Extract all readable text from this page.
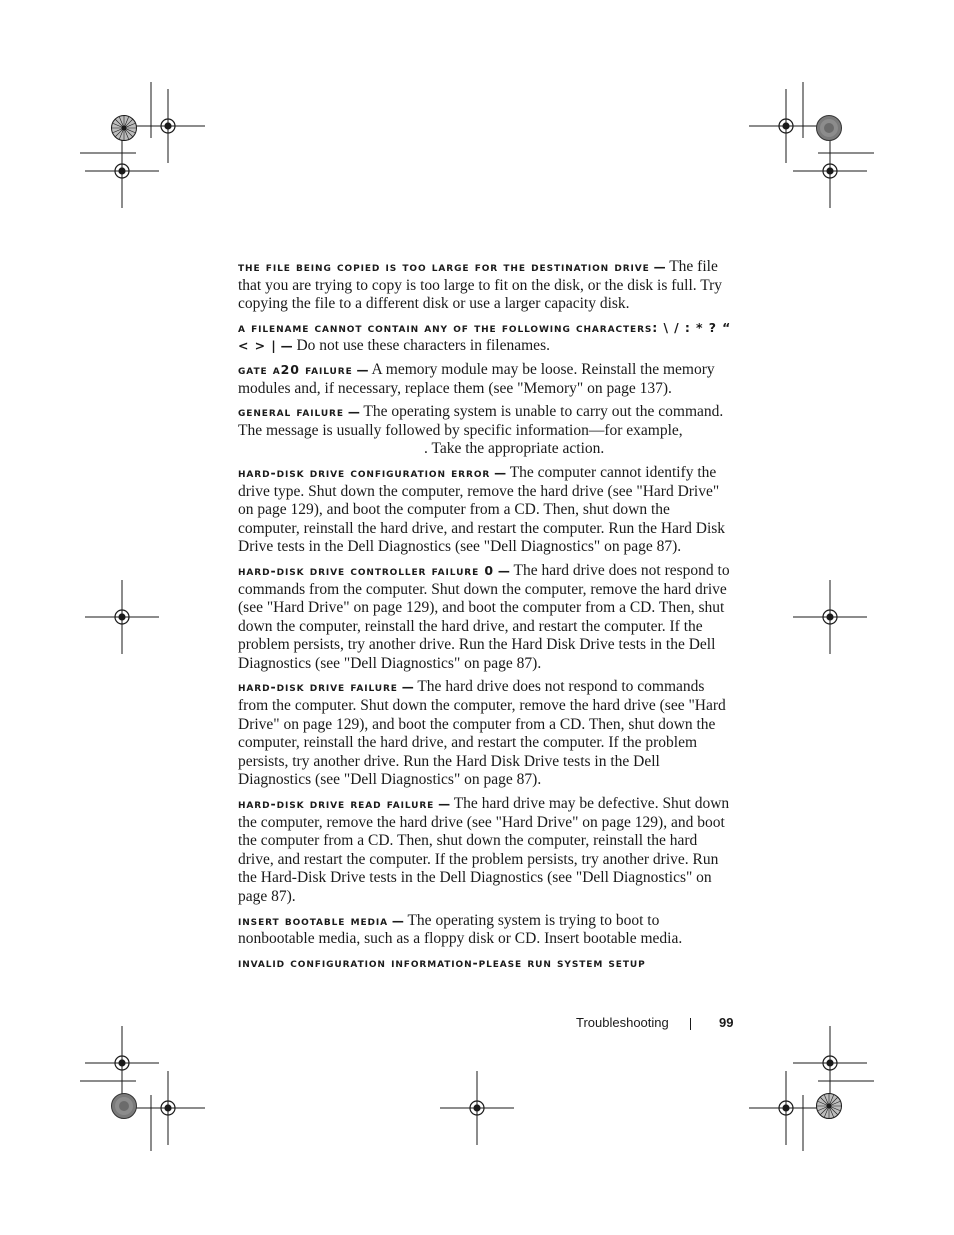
the file being copied is too large for the destination drive — The file that you are trying to copy is too large to fit on the disk, or the disk is full. Try copying the file to a different disk or use a larger capacity disk.

a filename cannot contain any of the following characters: \ / : * ? “ < > | — Do not use these characters in filenames.

gate a20 failure — A memory module may be loose. Reinstall the memory modules and, if necessary, replace them (see "Memory" on page 137).

general failure — The operating system is unable to carry out the command. The message is usually followed by specific information—for example,. Take the appropriate action.

hard-disk drive configuration error — The computer cannot identify the drive type. Shut down the computer, remove the hard drive (see "Hard Drive" on page 129), and boot the computer from a CD. Then, shut down the computer, reinstall the hard drive, and restart the computer. Run the Hard Disk Drive tests in the Dell Diagnostics (see "Dell Diagnostics" on page 87).

hard-disk drive controller failure 0 — The hard drive does not respond to commands from the computer. Shut down the computer, remove the hard drive (see "Hard Drive" on page 129), and boot the computer from a CD. Then, shut down the computer, reinstall the hard drive, and restart the computer. If the problem persists, try another drive. Run the Hard Disk Drive tests in the Dell Diagnostics (see "Dell Diagnostics" on page 87).

hard-disk drive failure — The hard drive does not respond to commands from the computer. Shut down the computer, remove the hard drive (see "Hard Drive" on page 129), and boot the computer from a CD. Then, shut down the computer, reinstall the hard drive, and restart the computer. If the problem persists, try another drive. Run the Hard Disk Drive tests in the Dell Diagnostics (see "Dell Diagnostics" on page 87).

hard-disk drive read failure — The hard drive may be defective. Shut down the computer, remove the hard drive (see "Hard Drive" on page 129), and boot the computer from a CD. Then, shut down the computer, reinstall the hard drive, and restart the computer. If the problem persists, try another drive. Run the Hard-Disk Drive tests in the Dell Diagnostics (see "Dell Diagnostics" on page 87).

insert bootable media — The operating system is trying to boot to nonbootable media, such as a floppy disk or CD. Insert bootable media.

invalid configuration information-please run system setup

Troubleshooting	99
